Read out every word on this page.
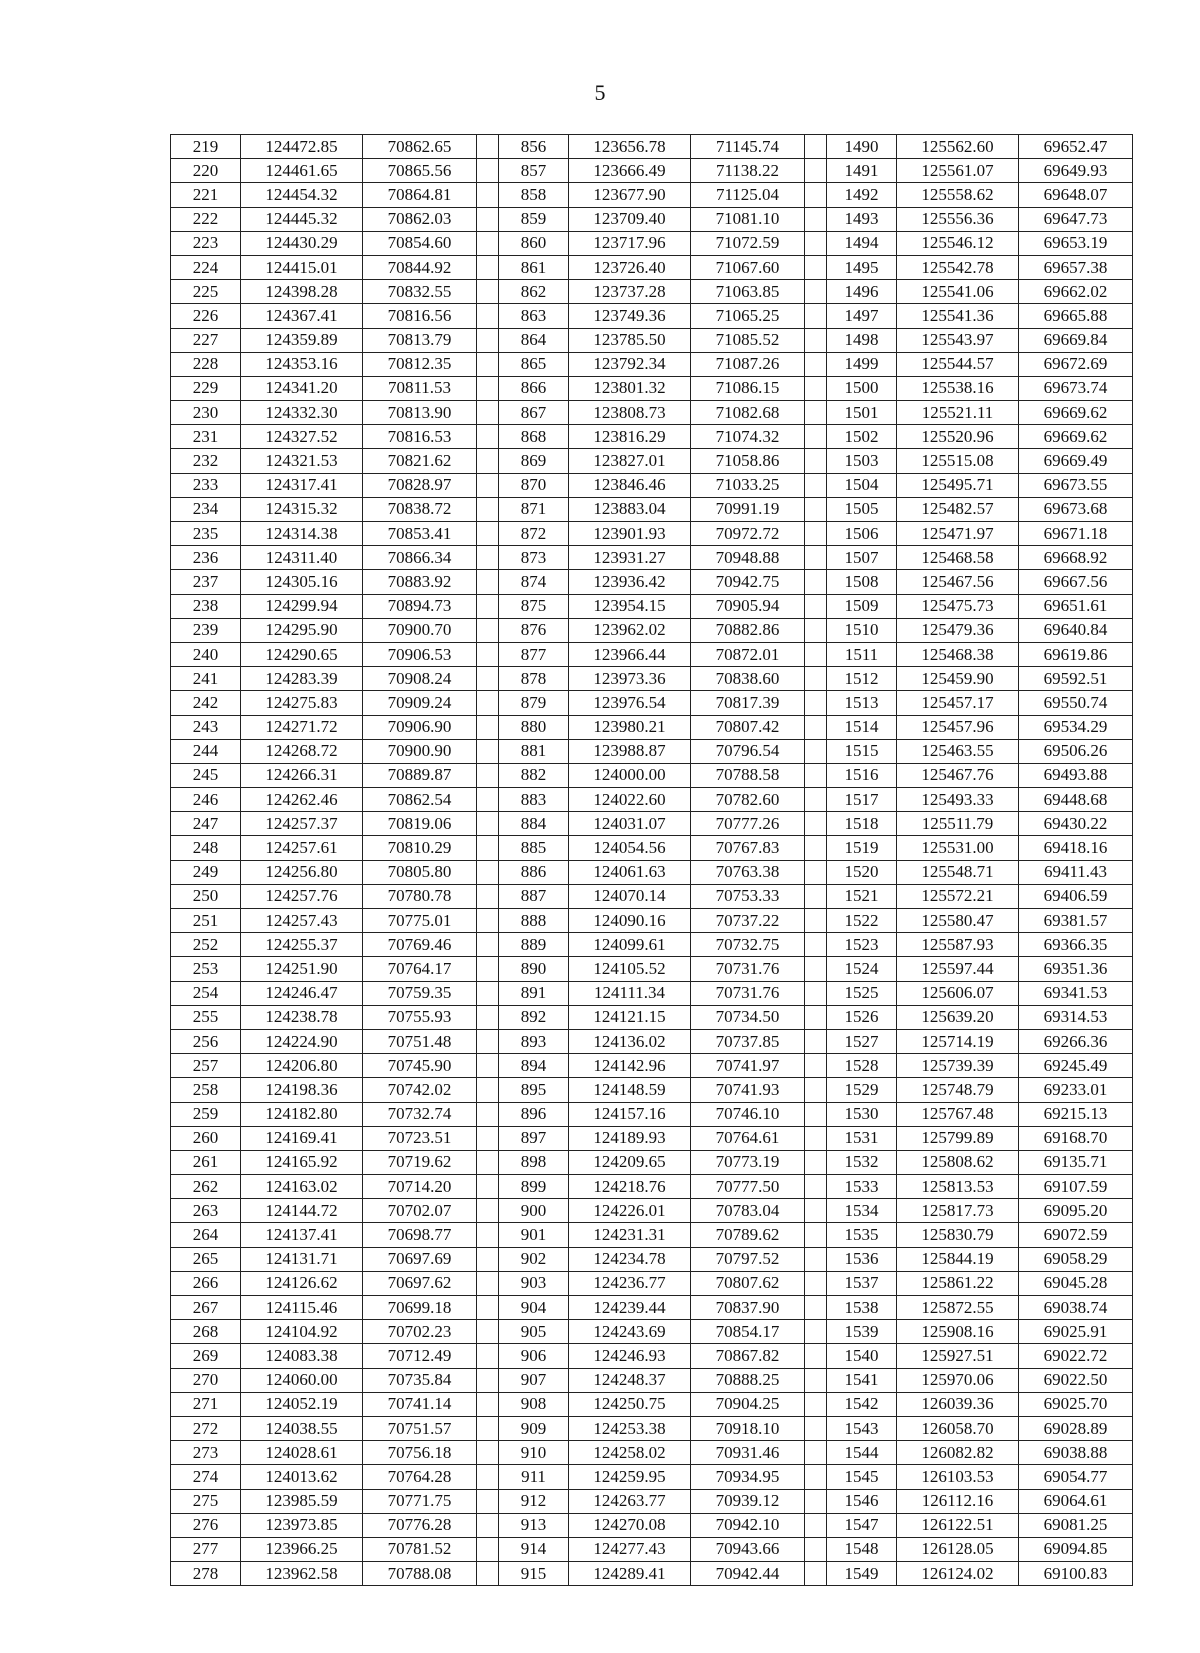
5
219	124472.85	70862.65		856	123656.78	71145.74		1490	125562.60	69652.47
220	124461.65	70865.56		857	123666.49	71138.22		1491	125561.07	69649.93
221	124454.32	70864.81		858	123677.90	71125.04		1492	125558.62	69648.07
222	124445.32	70862.03		859	123709.40	71081.10		1493	125556.36	69647.73
223	124430.29	70854.60		860	123717.96	71072.59		1494	125546.12	69653.19
224	124415.01	70844.92		861	123726.40	71067.60		1495	125542.78	69657.38
225	124398.28	70832.55		862	123737.28	71063.85		1496	125541.06	69662.02
226	124367.41	70816.56		863	123749.36	71065.25		1497	125541.36	69665.88
227	124359.89	70813.79		864	123785.50	71085.52		1498	125543.97	69669.84
228	124353.16	70812.35		865	123792.34	71087.26		1499	125544.57	69672.69
229	124341.20	70811.53		866	123801.32	71086.15		1500	125538.16	69673.74
230	124332.30	70813.90		867	123808.73	71082.68		1501	125521.11	69669.62
231	124327.52	70816.53		868	123816.29	71074.32		1502	125520.96	69669.62
232	124321.53	70821.62		869	123827.01	71058.86		1503	125515.08	69669.49
233	124317.41	70828.97		870	123846.46	71033.25		1504	125495.71	69673.55
234	124315.32	70838.72		871	123883.04	70991.19		1505	125482.57	69673.68
235	124314.38	70853.41		872	123901.93	70972.72		1506	125471.97	69671.18
236	124311.40	70866.34		873	123931.27	70948.88		1507	125468.58	69668.92
237	124305.16	70883.92		874	123936.42	70942.75		1508	125467.56	69667.56
238	124299.94	70894.73		875	123954.15	70905.94		1509	125475.73	69651.61
239	124295.90	70900.70		876	123962.02	70882.86		1510	125479.36	69640.84
240	124290.65	70906.53		877	123966.44	70872.01		1511	125468.38	69619.86
241	124283.39	70908.24		878	123973.36	70838.60		1512	125459.90	69592.51
242	124275.83	70909.24		879	123976.54	70817.39		1513	125457.17	69550.74
243	124271.72	70906.90		880	123980.21	70807.42		1514	125457.96	69534.29
244	124268.72	70900.90		881	123988.87	70796.54		1515	125463.55	69506.26
245	124266.31	70889.87		882	124000.00	70788.58		1516	125467.76	69493.88
246	124262.46	70862.54		883	124022.60	70782.60		1517	125493.33	69448.68
247	124257.37	70819.06		884	124031.07	70777.26		1518	125511.79	69430.22
248	124257.61	70810.29		885	124054.56	70767.83		1519	125531.00	69418.16
249	124256.80	70805.80		886	124061.63	70763.38		1520	125548.71	69411.43
250	124257.76	70780.78		887	124070.14	70753.33		1521	125572.21	69406.59
251	124257.43	70775.01		888	124090.16	70737.22		1522	125580.47	69381.57
252	124255.37	70769.46		889	124099.61	70732.75		1523	125587.93	69366.35
253	124251.90	70764.17		890	124105.52	70731.76		1524	125597.44	69351.36
254	124246.47	70759.35		891	124111.34	70731.76		1525	125606.07	69341.53
255	124238.78	70755.93		892	124121.15	70734.50		1526	125639.20	69314.53
256	124224.90	70751.48		893	124136.02	70737.85		1527	125714.19	69266.36
257	124206.80	70745.90		894	124142.96	70741.97		1528	125739.39	69245.49
258	124198.36	70742.02		895	124148.59	70741.93		1529	125748.79	69233.01
259	124182.80	70732.74		896	124157.16	70746.10		1530	125767.48	69215.13
260	124169.41	70723.51		897	124189.93	70764.61		1531	125799.89	69168.70
261	124165.92	70719.62		898	124209.65	70773.19		1532	125808.62	69135.71
262	124163.02	70714.20		899	124218.76	70777.50		1533	125813.53	69107.59
263	124144.72	70702.07		900	124226.01	70783.04		1534	125817.73	69095.20
264	124137.41	70698.77		901	124231.31	70789.62		1535	125830.79	69072.59
265	124131.71	70697.69		902	124234.78	70797.52		1536	125844.19	69058.29
266	124126.62	70697.62		903	124236.77	70807.62		1537	125861.22	69045.28
267	124115.46	70699.18		904	124239.44	70837.90		1538	125872.55	69038.74
268	124104.92	70702.23		905	124243.69	70854.17		1539	125908.16	69025.91
269	124083.38	70712.49		906	124246.93	70867.82		1540	125927.51	69022.72
270	124060.00	70735.84		907	124248.37	70888.25		1541	125970.06	69022.50
271	124052.19	70741.14		908	124250.75	70904.25		1542	126039.36	69025.70
272	124038.55	70751.57		909	124253.38	70918.10		1543	126058.70	69028.89
273	124028.61	70756.18		910	124258.02	70931.46		1544	126082.82	69038.88
274	124013.62	70764.28		911	124259.95	70934.95		1545	126103.53	69054.77
275	123985.59	70771.75		912	124263.77	70939.12		1546	126112.16	69064.61
276	123973.85	70776.28		913	124270.08	70942.10		1547	126122.51	69081.25
277	123966.25	70781.52		914	124277.43	70943.66		1548	126128.05	69094.85
278	123962.58	70788.08		915	124289.41	70942.44		1549	126124.02	69100.83
